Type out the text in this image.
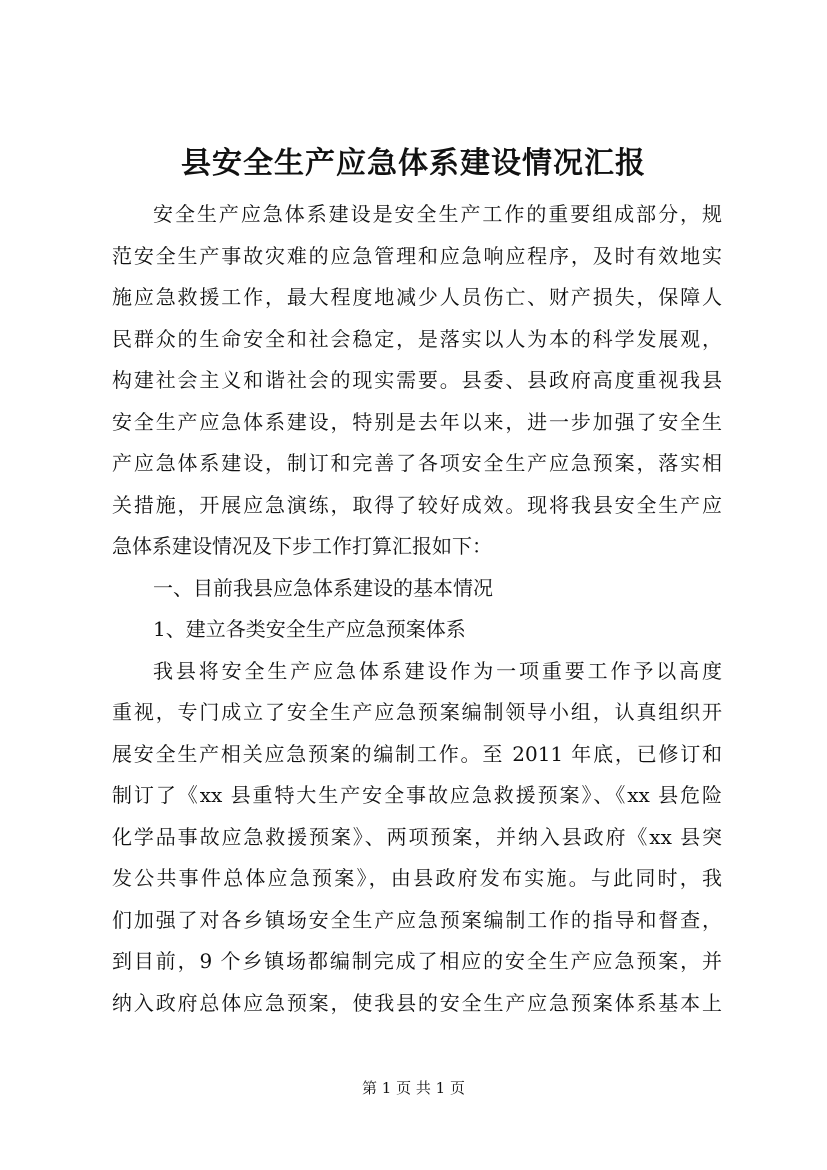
县安全生产应急体系建设情况汇报
安全生产应急体系建设是安全生产工作的重要组成部分，规
范安全生产事故灾难的应急管理和应急响应程序，及时有效地实
施应急救援工作，最大程度地减少人员伤亡、财产损失，保障人
民群众的生命安全和社会稳定，是落实以人为本的科学发展观，
构建社会主义和谐社会的现实需要。县委、县政府高度重视我县
安全生产应急体系建设，特别是去年以来，进一步加强了安全生
产应急体系建设，制订和完善了各项安全生产应急预案，落实相
关措施，开展应急演练，取得了较好成效。现将我县安全生产应
急体系建设情况及下步工作打算汇报如下：
一、目前我县应急体系建设的基本情况
1、建立各类安全生产应急预案体系
我县将安全生产应急体系建设作为一项重要工作予以高度
重视，专门成立了安全生产应急预案编制领导小组，认真组织开
展安全生产相关应急预案的编制工作。至 2011 年底，已修订和
制订了《xx 县重特大生产安全事故应急救援预案》、《xx 县危险
化学品事故应急救援预案》、两项预案，并纳入县政府《xx 县突
发公共事件总体应急预案》，由县政府发布实施。与此同时，我
们加强了对各乡镇场安全生产应急预案编制工作的指导和督查，
到目前，9 个乡镇场都编制完成了相应的安全生产应急预案，并
纳入政府总体应急预案，使我县的安全生产应急预案体系基本上
第 1 页 共 1 页
